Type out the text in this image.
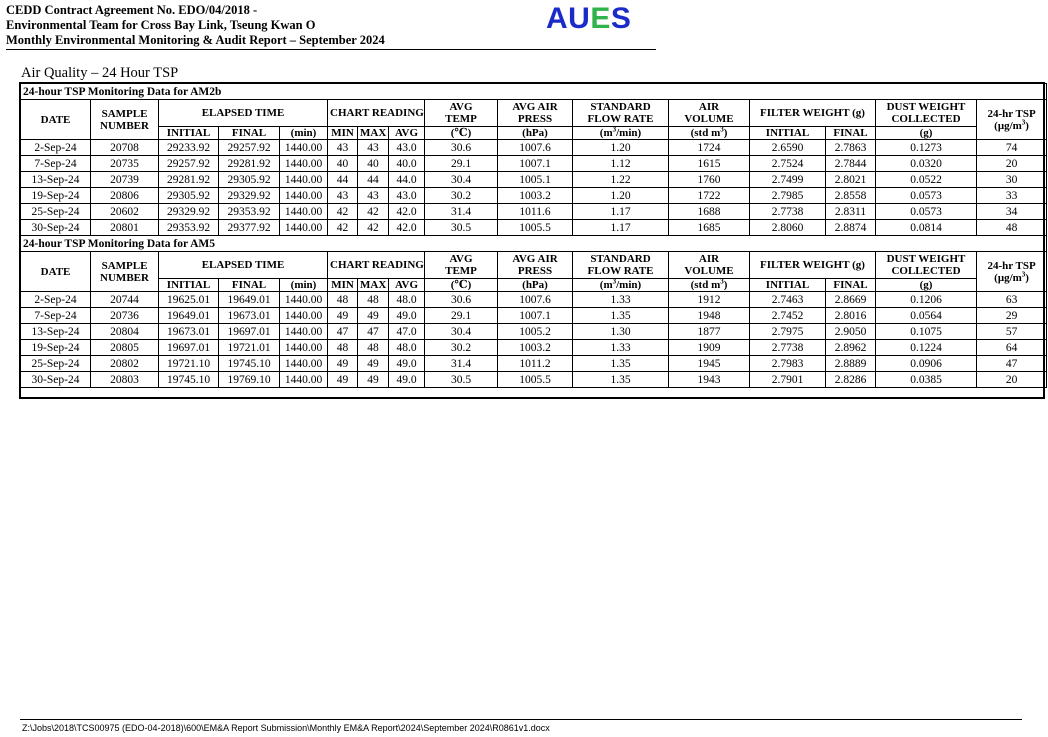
CEDD Contract Agreement No. EDO/04/2018 -
Environmental Team for Cross Bay Link, Tseung Kwan O
Monthly Environmental Monitoring & Audit Report – September 2024
AUES
Air Quality – 24 Hour TSP
24-hour TSP Monitoring Data for AM2b															
DATE	SAMPLE NUMBER	ELAPSED TIME			CHART READING			AVG TEMP	AVG AIR PRESS	STANDARD FLOW RATE	AIR VOLUME	FILTER WEIGHT (g)		DUST WEIGHT COLLECTED	24-hr TSP
$(\mu g/m^3)$
		INITIAL	FINAL	(min)	MIN	MAX	AVG	(℃)	(hPa)	$(m^3/\min)$	(std $m^3$)	INITIAL	FINAL	(g)	
2-Sep-24	20708	29233.92	29257.92	1440.00	43	43	43.0	30.6	1007.6	1.20	1724	2.6590	2.7863	0.1273	74
7-Sep-24	20735	29257.92	29281.92	1440.00	40	40	40.0	29.1	1007.1	1.12	1615	2.7524	2.7844	0.0320	20
13-Sep-24	20739	29281.92	29305.92	1440.00	44	44	44.0	30.4	1005.1	1.22	1760	2.7499	2.8021	0.0522	30
19-Sep-24	20806	29305.92	29329.92	1440.00	43	43	43.0	30.2	1003.2	1.20	1722	2.7985	2.8558	0.0573	33
25-Sep-24	20602	29329.92	29353.92	1440.00	42	42	42.0	31.4	1011.6	1.17	1688	2.7738	2.8311	0.0573	34
30-Sep-24	20801	29353.92	29377.92	1440.00	42	42	42.0	30.5	1005.5	1.17	1685	2.8060	2.8874	0.0814	48
24-hour TSP Monitoring Data for AM5															
DATE	SAMPLE NUMBER	ELAPSED TIME			CHART READING			AVG TEMP	AVG AIR PRESS	STANDARD FLOW RATE	AIR VOLUME	FILTER WEIGHT (g)		DUST WEIGHT COLLECTED	24-hr TSP
$(\mu g/m^3)$
		INITIAL	FINAL	(min)	MIN	MAX	AVG	(℃)	(hPa)	$(m^3/\min)$	(std $m^3$)	INITIAL	FINAL	(g)	
2-Sep-24	20744	19625.01	19649.01	1440.00	48	48	48.0	30.6	1007.6	1.33	1912	2.7463	2.8669	0.1206	63
7-Sep-24	20736	19649.01	19673.01	1440.00	49	49	49.0	29.1	1007.1	1.35	1948	2.7452	2.8016	0.0564	29
13-Sep-24	20804	19673.01	19697.01	1440.00	47	47	47.0	30.4	1005.2	1.30	1877	2.7975	2.9050	0.1075	57
19-Sep-24	20805	19697.01	19721.01	1440.00	48	48	48.0	30.2	1003.2	1.33	1909	2.7738	2.8962	0.1224	64
25-Sep-24	20802	19721.10	19745.10	1440.00	49	49	49.0	31.4	1011.2	1.35	1945	2.7983	2.8889	0.0906	47
30-Sep-24	20803	19745.10	19769.10	1440.00	49	49	49.0	30.5	1005.5	1.35	1943	2.7901	2.8286	0.0385	20
Z:\Jobs\2018\TCS00975 (EDO-04-2018)\600\EM&A Report Submission\Monthly EM&A Report\2024\September 2024\R0861v1.docx
